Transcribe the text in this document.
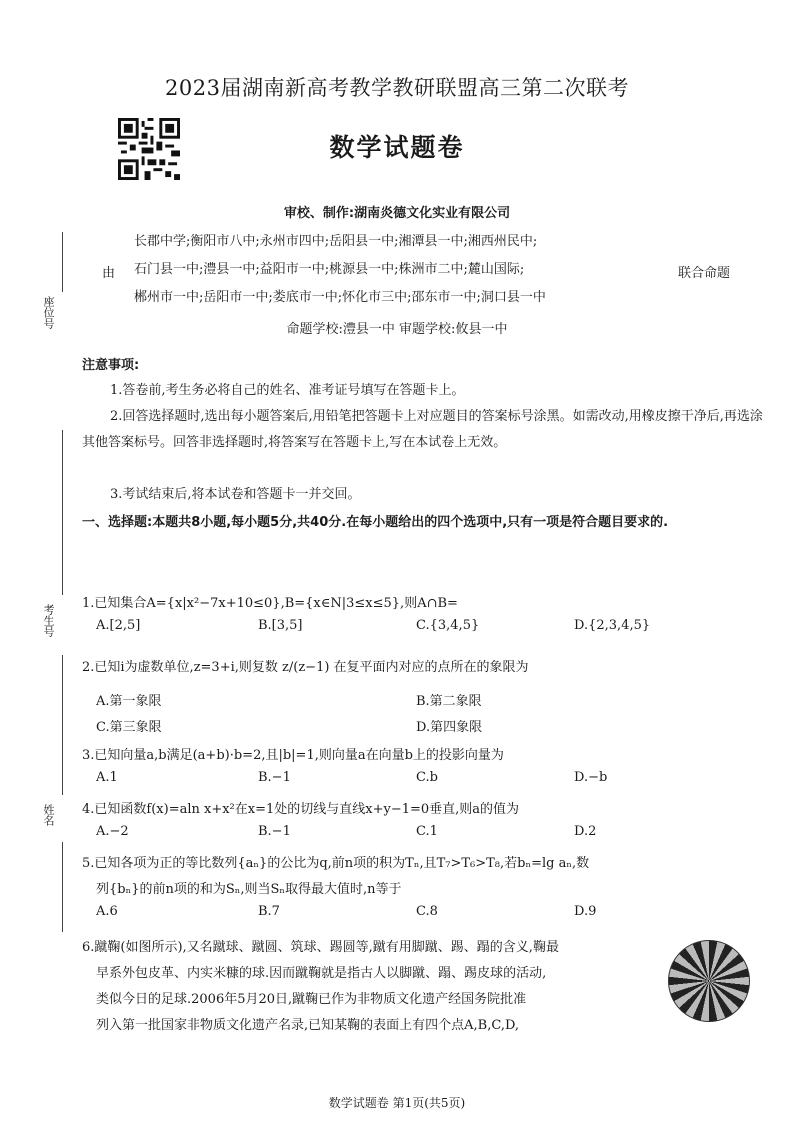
2023届湖南新高考教学教研联盟高三第二次联考
数学试题卷
审校、制作:湖南炎德文化实业有限公司
长郡中学;衡阳市八中;永州市四中;岳阳县一中;湘潭县一中;湘西州民中;
石门县一中;澧县一中;益阳市一中;桃源县一中;株洲市二中;麓山国际;
郴州市一中;岳阳市一中;娄底市一中;怀化市三中;邵东市一中;洞口县一中
由	联合命题
命题学校:澧县一中 审题学校:攸县一中
座位号
考生号
姓名
注意事项:
1.答卷前,考生务必将自己的姓名、准考证号填写在答题卡上。
2.回答选择题时,选出每小题答案后,用铅笔把答题卡上对应题目的答案标号涂黑。如需改动,用橡皮擦干净后,再选涂其他答案标号。回答非选择题时,将答案写在答题卡上,写在本试卷上无效。
3.考试结束后,将本试卷和答题卡一并交回。
一、选择题:本题共8小题,每小题5分,共40分.在每小题给出的四个选项中,只有一项是符合题目要求的.
1.已知集合A={x|x²−7x+10≤0},B={x∈N|3≤x≤5},则A∩B=
A.[2,5]	B.[3,5]	C.{3,4,5}	D.{2,3,4,5}
2.已知i为虚数单位,z=3+i,则复数 z/(z−1) 在复平面内对应的点所在的象限为
A.第一象限	B.第二象限
C.第三象限	D.第四象限
3.已知向量a,b满足(a+b)·b=2,且|b|=1,则向量a在向量b上的投影向量为
A.1	B.−1	C.b	D.−b
4.已知函数f(x)=aln x+x²在x=1处的切线与直线x+y−1=0垂直,则a的值为
A.−2	B.−1	C.1	D.2
5.已知各项为正的等比数列{aₙ}的公比为q,前n项的积为Tₙ,且T₇>T₆>T₈,若bₙ=lg aₙ,数
列{bₙ}的前n项的和为Sₙ,则当Sₙ取得最大值时,n等于
A.6	B.7	C.8	D.9
6.蹴鞠(如图所示),又名蹴球、蹴圆、筑球、踢圆等,蹴有用脚蹴、踢、蹋的含义,鞠最
早系外包皮革、内实米糠的球.因而蹴鞠就是指古人以脚蹴、蹋、踢皮球的活动,
类似今日的足球.2006年5月20日,蹴鞠已作为非物质文化遗产经国务院批准
列入第一批国家非物质文化遗产名录,已知某鞠的表面上有四个点A,B,C,D,
数学试题卷 第1页(共5页)
